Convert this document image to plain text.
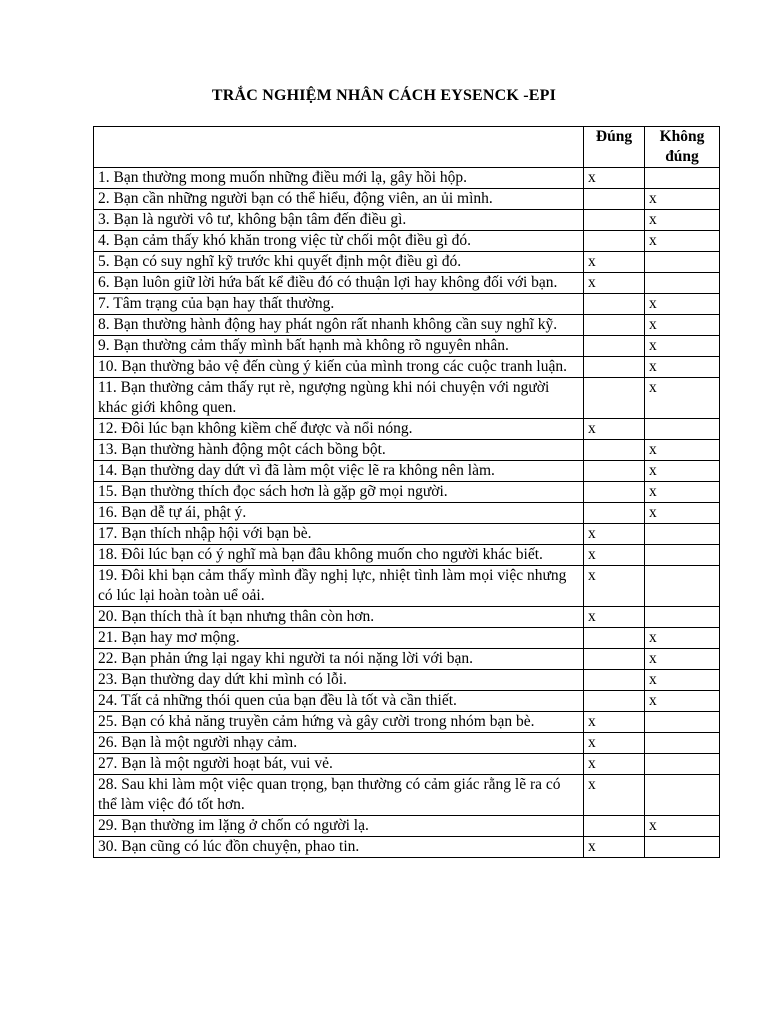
TRẮC NGHIỆM NHÂN CÁCH EYSENCK -EPI
	Đúng	Không đúng
1. Bạn thường mong muốn những điều mới lạ, gây hồi hộp.	x	
2. Bạn cần những người bạn có thể hiểu, động viên, an ủi mình.		x
3. Bạn là người vô tư, không bận tâm đến điều gì.		x
4. Bạn cảm thấy khó khăn trong việc từ chối một điều gì đó.		x
5. Bạn có suy nghĩ kỹ trước khi quyết định một điều gì đó.	x	
6. Bạn luôn giữ lời hứa bất kể điều đó có thuận lợi hay không đối với bạn.	x	
7. Tâm trạng của bạn hay thất thường.		x
8. Bạn thường hành động hay phát ngôn rất nhanh không cần suy nghĩ kỹ.		x
9. Bạn thường cảm thấy mình bất hạnh mà không rõ nguyên nhân.		x
10. Bạn thường bảo vệ đến cùng ý kiến của mình trong các cuộc tranh luận.		x
11. Bạn thường cảm thấy rụt rè, ngượng ngùng khi nói chuyện với người khác giới không quen.		x
12. Đôi lúc bạn không kiềm chế được và nổi nóng.	x	
13. Bạn thường hành động một cách bồng bột.		x
14. Bạn thường day dứt vì đã làm một việc lẽ ra không nên làm.		x
15. Bạn thường thích đọc sách hơn là gặp gỡ mọi người.		x
16. Bạn dễ tự ái, phật ý.		x
17. Bạn thích nhập hội với bạn bè.	x	
18. Đôi lúc bạn có ý nghĩ mà bạn đâu không muốn cho người khác biết.	x	
19. Đôi khi bạn cảm thấy mình đầy nghị lực, nhiệt tình làm mọi việc nhưng có lúc lại hoàn toàn uể oải.	x	
20. Bạn thích thà ít bạn nhưng thân còn hơn.	x	
21. Bạn hay mơ mộng.		x
22. Bạn phản ứng lại ngay khi người ta nói nặng lời với bạn.		x
23. Bạn thường day dứt khi mình có lỗi.		x
24. Tất cả những thói quen của bạn đều là tốt và cần thiết.		x
25. Bạn có khả năng truyền cảm hứng và gây cười trong nhóm bạn bè.	x	
26. Bạn là một người nhạy cảm.	x	
27. Bạn là một người hoạt bát, vui vẻ.	x	
28. Sau khi làm một việc quan trọng, bạn thường có cảm giác rằng lẽ ra có thể làm việc đó tốt hơn.	x	
29. Bạn thường im lặng ở chốn có người lạ.		x
30. Bạn cũng có lúc đồn chuyện, phao tin.	x	
